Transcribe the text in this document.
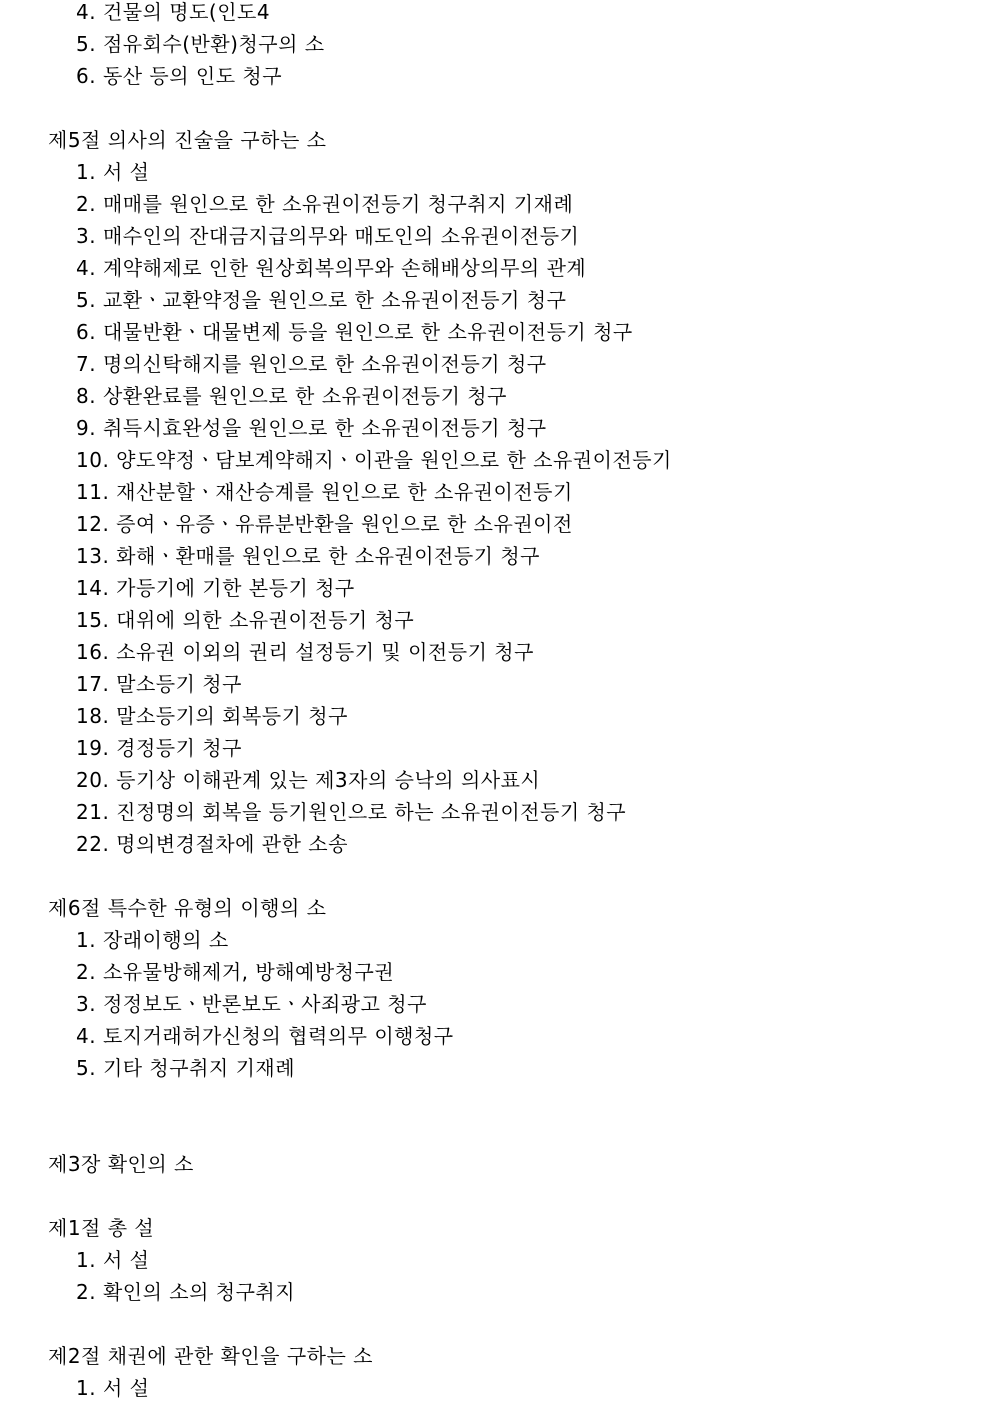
4. 건물의 명도(인도4
5. 점유회수(반환)청구의 소
6. 동산 등의 인도 청구
제5절 의사의 진술을 구하는 소
1. 서 설
2. 매매를 원인으로 한 소유권이전등기 청구취지 기재례
3. 매수인의 잔대금지급의무와 매도인의 소유권이전등기
4. 계약해제로 인한 원상회복의무와 손해배상의무의 관계
5. 교환ㆍ교환약정을 원인으로 한 소유권이전등기 청구
6. 대물반환ㆍ대물변제 등을 원인으로 한 소유권이전등기 청구
7. 명의신탁해지를 원인으로 한 소유권이전등기 청구
8. 상환완료를 원인으로 한 소유권이전등기 청구
9. 취득시효완성을 원인으로 한 소유권이전등기 청구
10. 양도약정ㆍ담보계약해지ㆍ이관을 원인으로 한 소유권이전등기
11. 재산분할ㆍ재산승계를 원인으로 한 소유권이전등기
12. 증여ㆍ유증ㆍ유류분반환을 원인으로 한 소유권이전
13. 화해ㆍ환매를 원인으로 한 소유권이전등기 청구
14. 가등기에 기한 본등기 청구
15. 대위에 의한 소유권이전등기 청구
16. 소유권 이외의 권리 설정등기 및 이전등기 청구
17. 말소등기 청구
18. 말소등기의 회복등기 청구
19. 경정등기 청구
20. 등기상 이해관계 있는 제3자의 승낙의 의사표시
21. 진정명의 회복을 등기원인으로 하는 소유권이전등기 청구
22. 명의변경절차에 관한 소송
제6절 특수한 유형의 이행의 소
1. 장래이행의 소
2. 소유물방해제거, 방해예방청구권
3. 정정보도ㆍ반론보도ㆍ사죄광고 청구
4. 토지거래허가신청의 협력의무 이행청구
5. 기타 청구취지 기재례
제3장 확인의 소
제1절 총 설
1. 서 설
2. 확인의 소의 청구취지
제2절 채권에 관한 확인을 구하는 소
1. 서 설
